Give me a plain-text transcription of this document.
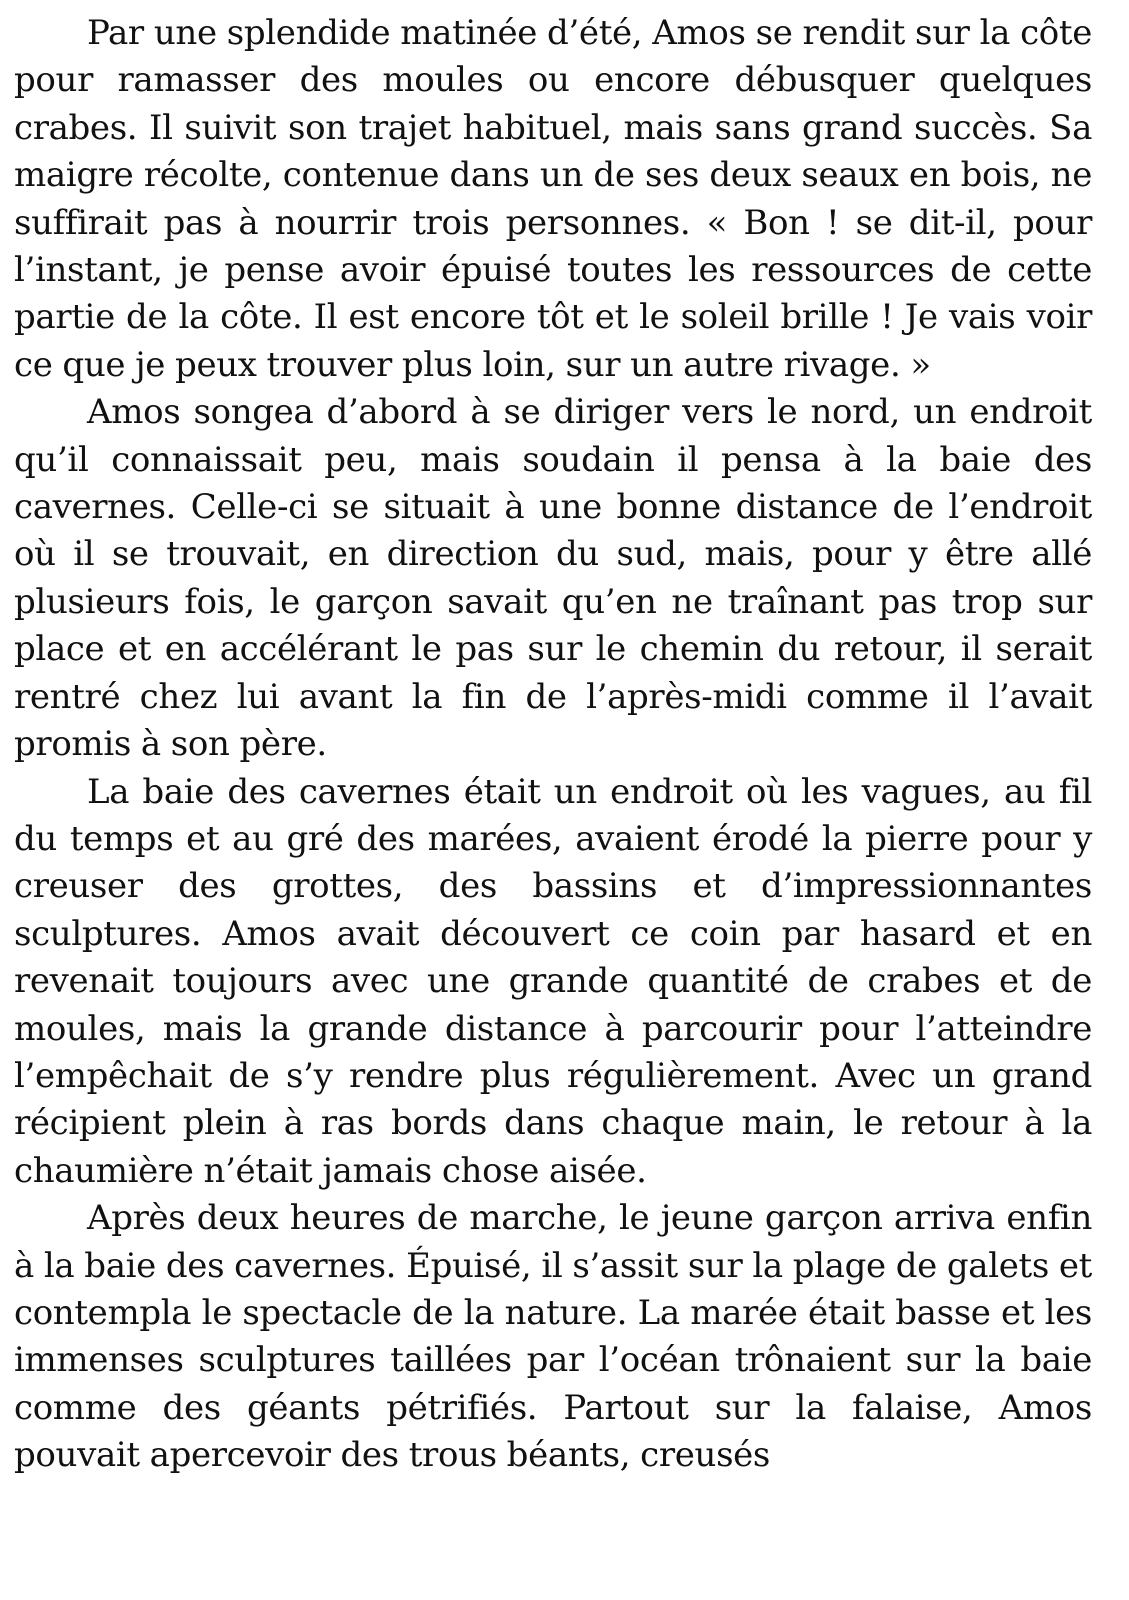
Par une splendide matinée d’été, Amos se rendit sur la côte pour ramasser des moules ou encore débusquer quelques crabes. Il suivit son trajet habituel, mais sans grand succès. Sa maigre récolte, contenue dans un de ses deux seaux en bois, ne suffirait pas à nourrir trois personnes. « Bon ! se dit-il, pour l’instant, je pense avoir épuisé toutes les ressources de cette partie de la côte. Il est encore tôt et le soleil brille ! Je vais voir ce que je peux trouver plus loin, sur un autre rivage. »

Amos songea d’abord à se diriger vers le nord, un endroit qu’il connaissait peu, mais soudain il pensa à la baie des cavernes. Celle-ci se situait à une bonne distance de l’endroit où il se trouvait, en direction du sud, mais, pour y être allé plusieurs fois, le garçon savait qu’en ne traînant pas trop sur place et en accélérant le pas sur le chemin du retour, il serait rentré chez lui avant la fin de l’après-midi comme il l’avait promis à son père.

La baie des cavernes était un endroit où les vagues, au fil du temps et au gré des marées, avaient érodé la pierre pour y creuser des grottes, des bassins et d’impressionnantes sculptures. Amos avait découvert ce coin par hasard et en revenait toujours avec une grande quantité de crabes et de moules, mais la grande distance à parcourir pour l’atteindre l’empêchait de s’y rendre plus régulièrement. Avec un grand récipient plein à ras bords dans chaque main, le retour à la chaumière n’était jamais chose aisée.

Après deux heures de marche, le jeune garçon arriva enfin à la baie des cavernes. Épuisé, il s’assit sur la plage de galets et contempla le spectacle de la nature. La marée était basse et les immenses sculptures taillées par l’océan trônaient sur la baie comme des géants pétrifiés. Partout sur la falaise, Amos pouvait apercevoir des trous béants, creusés
